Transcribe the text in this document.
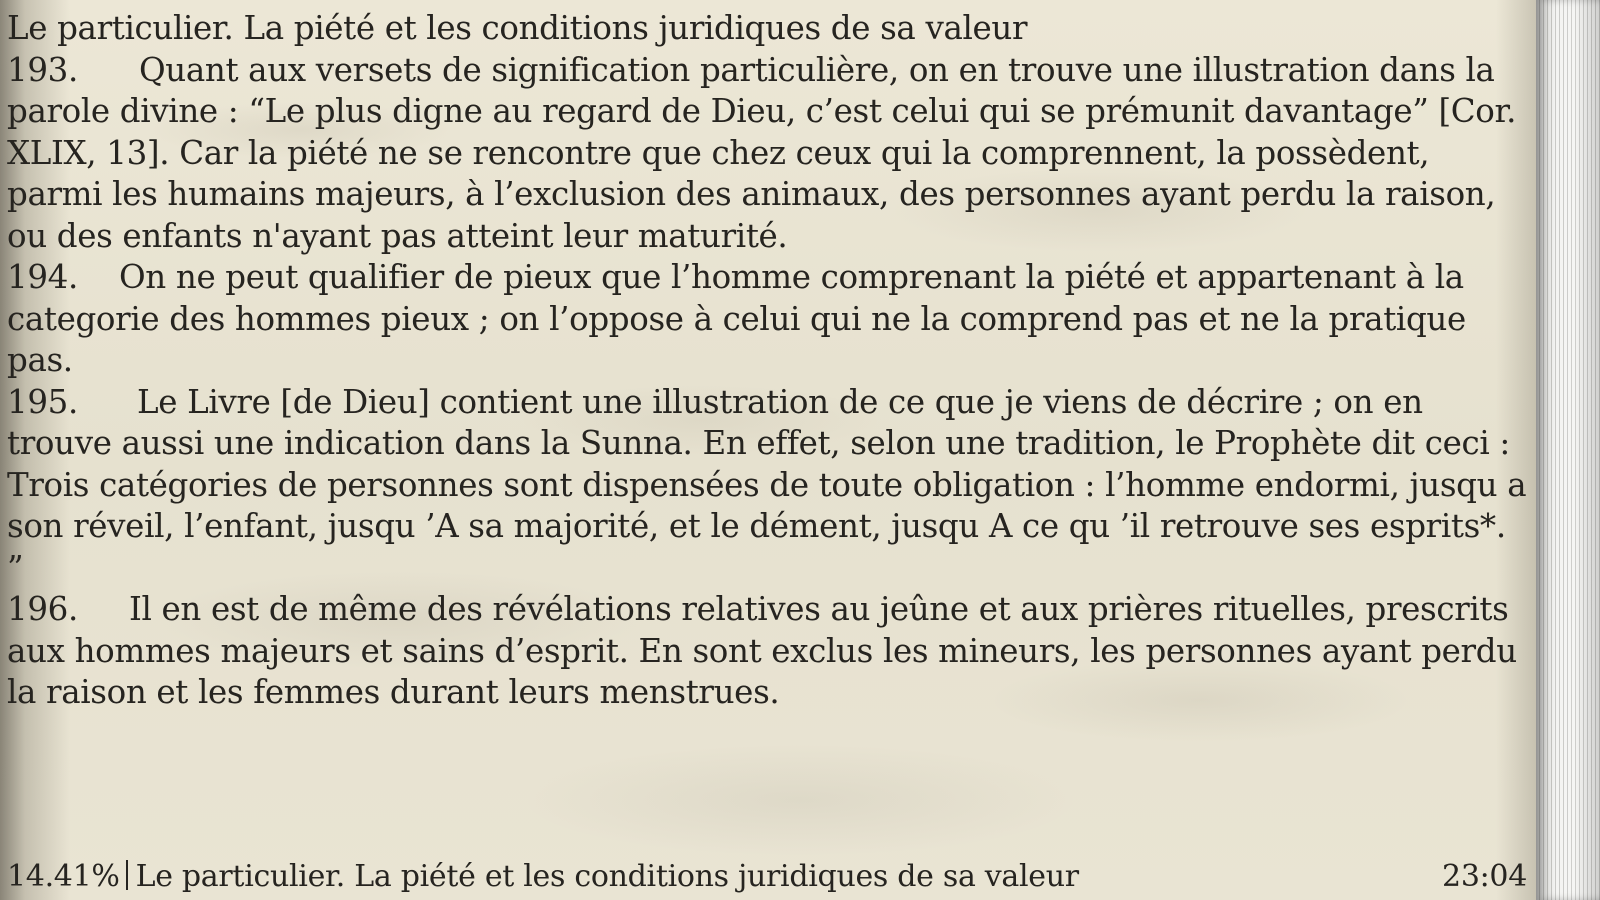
Le particulier. La piété et les conditions juridiques de sa valeur

193. Quant aux versets de signification particulière, on en trouve une illustration dans la parole divine : “Le plus digne au regard de Dieu, c’est celui qui se prémunit davantage” [Cor. XLIX, 13]. Car la piété ne se rencontre que chez ceux qui la comprennent, la possèdent, parmi les humains majeurs, à l’exclusion des animaux, des personnes ayant perdu la raison, ou des enfants n'ayant pas atteint leur maturité.

194. On ne peut qualifier de pieux que l’homme comprenant la piété et appartenant à la categorie des hommes pieux ; on l’oppose à celui qui ne la comprend pas et ne la pratique pas.

195. Le Livre [de Dieu] contient une illustration de ce que je viens de décrire ; on en trouve aussi une indication dans la Sunna. En effet, selon une tradition, le Prophète dit ceci : Trois catégories de personnes sont dispensées de toute obligation : l’homme endormi, jusqu a son réveil, l’enfant, jusqu ’A sa majorité, et le dément, jusqu A ce qu ’il retrouve ses esprits*. ”

196. Il en est de même des révélations relatives au jeûne et aux prières rituelles, prescrits aux hommes majeurs et sains d’esprit. En sont exclus les mineurs, les personnes ayant perdu la raison et les femmes durant leurs menstrues.

14.41% Le particulier. La piété et les conditions juridiques de sa valeur	23:04
